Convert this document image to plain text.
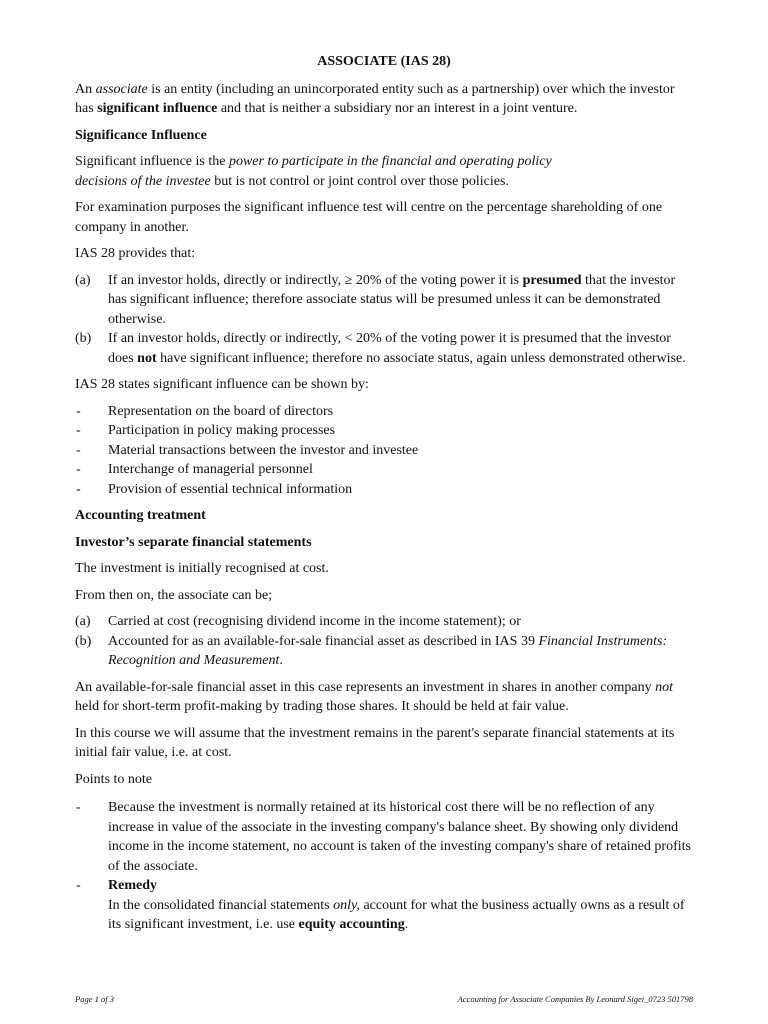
ASSOCIATE (IAS 28)

An associate is an entity (including an unincorporated entity such as a partnership) over which the investor has significant influence and that is neither a subsidiary nor an interest in a joint venture.

Significance Influence

Significant influence is the power to participate in the financial and operating policy
decisions of the investee but is not control or joint control over those policies.

For examination purposes the significant influence test will centre on the percentage shareholding of one company in another.

IAS 28 provides that:

(a) If an investor holds, directly or indirectly, ≥ 20% of the voting power it is presumed that the investor has significant influence; therefore associate status will be presumed unless it can be demonstrated otherwise.
(b) If an investor holds, directly or indirectly, < 20% of the voting power it is presumed that the investor does not have significant influence; therefore no associate status, again unless demonstrated otherwise.

IAS 28 states significant influence can be shown by:

- Representation on the board of directors
- Participation in policy making processes
- Material transactions between the investor and investee
- Interchange of managerial personnel
- Provision of essential technical information

Accounting treatment

Investor’s separate financial statements

The investment is initially recognised at cost.

From then on, the associate can be;

(a) Carried at cost (recognising dividend income in the income statement); or
(b) Accounted for as an available-for-sale financial asset as described in IAS 39 Financial Instruments: Recognition and Measurement.

An available-for-sale financial asset in this case represents an investment in shares in another company not held for short-term profit-making by trading those shares. It should be held at fair value.

In this course we will assume that the investment remains in the parent's separate financial statements at its initial fair value, i.e. at cost.

Points to note

- Because the investment is normally retained at its historical cost there will be no reflection of any increase in value of the associate in the investing company's balance sheet. By showing only dividend income in the income statement, no account is taken of the investing company's share of retained profits of the associate.
- Remedy
In the consolidated financial statements only, account for what the business actually owns as a result of its significant investment, i.e. use equity accounting.
Page 1 of 3	Accounting for Associate Companies By Leonard Sigei_0723 501798
